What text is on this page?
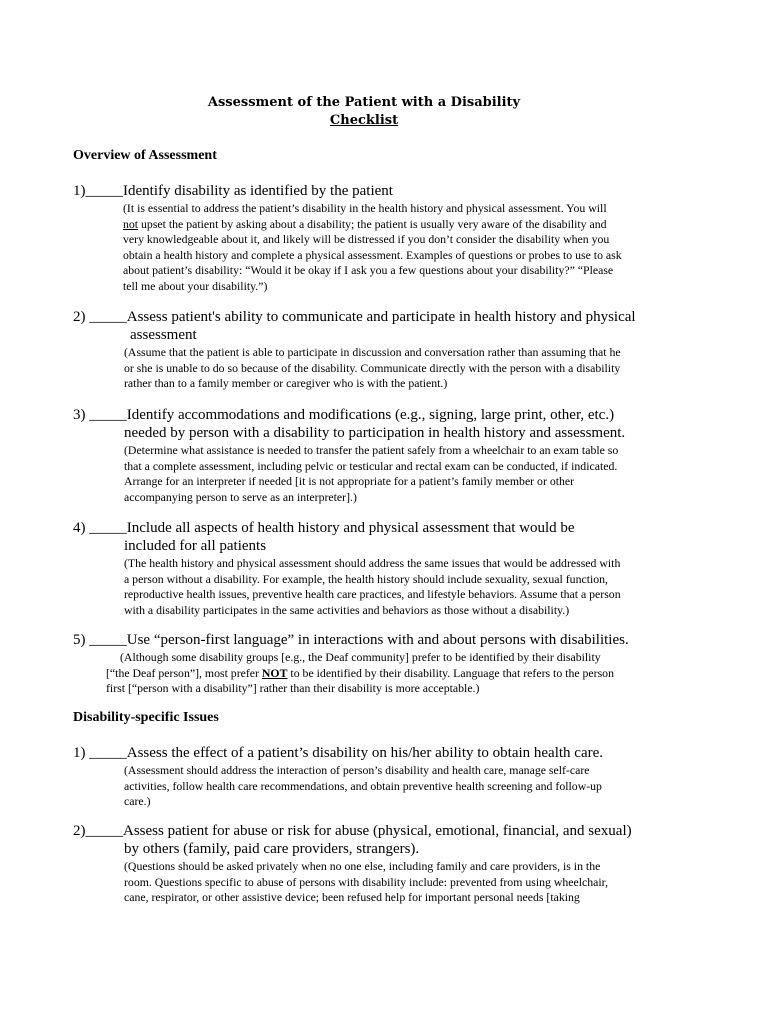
Assessment of the Patient with a Disability
Checklist
Overview of Assessment
1)_____Identify disability as identified by the patient
(It is essential to address the patient’s disability in the health history and physical assessment. You will
not upset the patient by asking about a disability; the patient is usually very aware of the disability and
very knowledgeable about it, and likely will be distressed if you don’t consider the disability when you
obtain a health history and complete a physical assessment. Examples of questions or probes to use to ask
about patient’s disability: “Would it be okay if I ask you a few questions about your disability?” “Please
tell me about your disability.”)
2) _____Assess patient's ability to communicate and participate in health history and physical
assessment
(Assume that the patient is able to participate in discussion and conversation rather than assuming that he
or she is unable to do so because of the disability. Communicate directly with the person with a disability
rather than to a family member or caregiver who is with the patient.)
3) _____Identify accommodations and modifications (e.g., signing, large print, other, etc.)
needed by person with a disability to participation in health history and assessment.
(Determine what assistance is needed to transfer the patient safely from a wheelchair to an exam table so
that a complete assessment, including pelvic or testicular and rectal exam can be conducted, if indicated.
Arrange for an interpreter if needed [it is not appropriate for a patient’s family member or other
accompanying person to serve as an interpreter].)
4) _____Include all aspects of health history and physical assessment that would be
included for all patients
(The health history and physical assessment should address the same issues that would be addressed with
a person without a disability. For example, the health history should include sexuality, sexual function,
reproductive health issues, preventive health care practices, and lifestyle behaviors. Assume that a person
with a disability participates in the same activities and behaviors as those without a disability.)
5) _____Use “person-first language” in interactions with and about persons with disabilities.
(Although some disability groups [e.g., the Deaf community] prefer to be identified by their disability
[“the Deaf person”], most prefer NOT to be identified by their disability. Language that refers to the person
first [“person with a disability”] rather than their disability is more acceptable.)
Disability-specific Issues
1) _____Assess the effect of a patient’s disability on his/her ability to obtain health care.
(Assessment should address the interaction of person’s disability and health care, manage self-care
activities, follow health care recommendations, and obtain preventive health screening and follow-up
care.)
2)_____Assess patient for abuse or risk for abuse (physical, emotional, financial, and sexual)
by others (family, paid care providers, strangers).
(Questions should be asked privately when no one else, including family and care providers, is in the
room. Questions specific to abuse of persons with disability include: prevented from using wheelchair,
cane, respirator, or other assistive device; been refused help for important personal needs [taking
